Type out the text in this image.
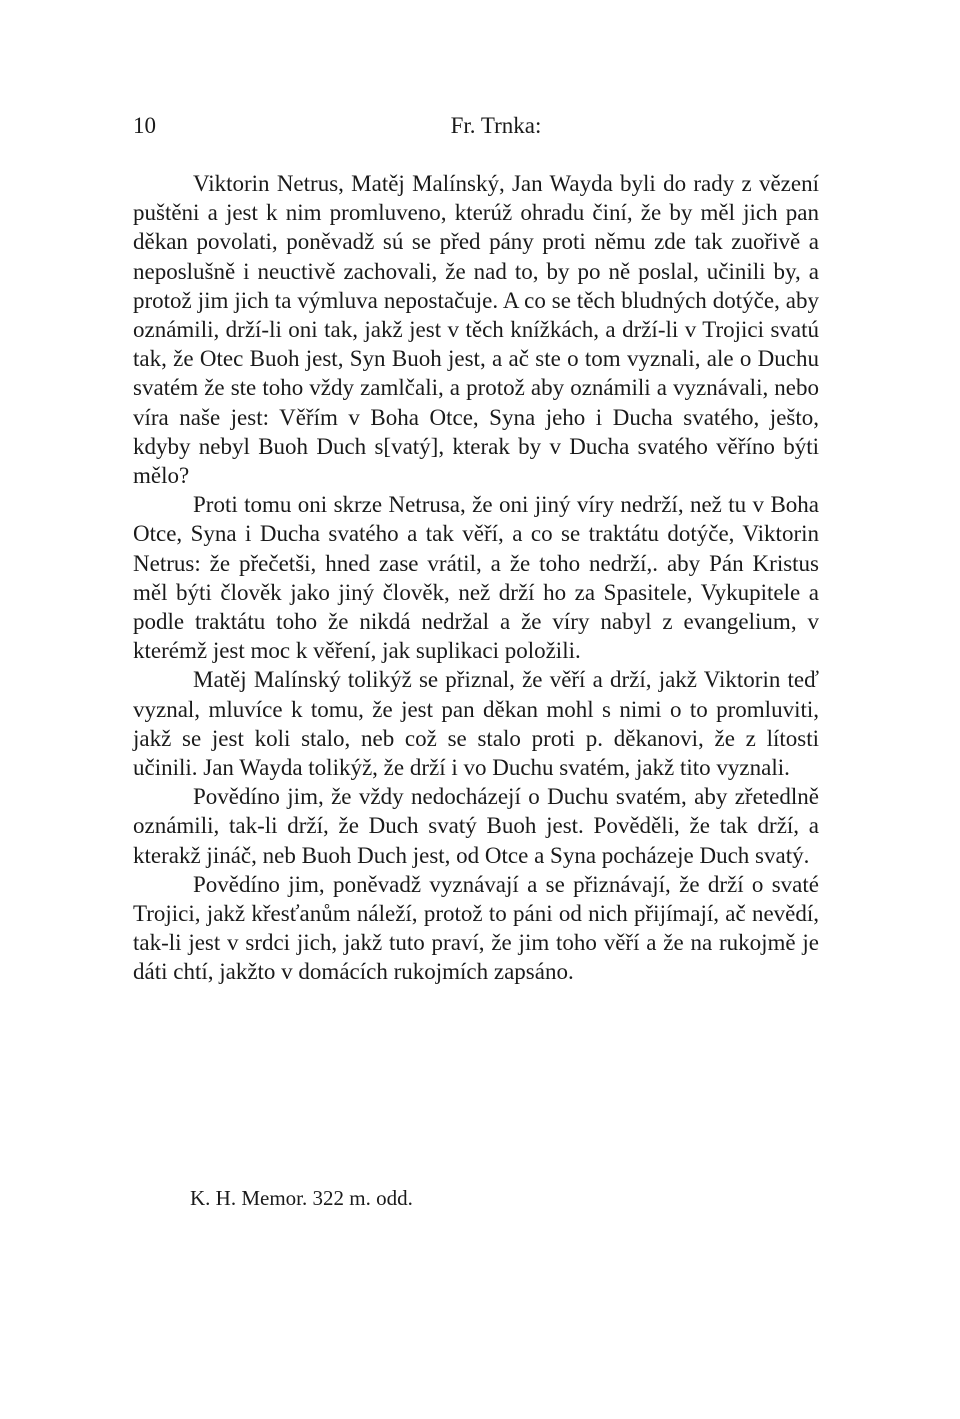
10	Fr. Trnka:

Viktorin Netrus, Matěj Malínský, Jan Wayda byli do rady z vězení puštěni a jest k nim promluveno, kterúž ohradu činí, že by měl jich pan děkan povolati, poněvadž sú se před pány proti němu zde tak zuořivě a neposlušně i neuctivě zachovali, že nad to, by po ně poslal, učinili by, a protož jim jich ta výmluva nepostačuje. A co se těch bludných dotýče, aby oznámili, drží-li oni tak, jakž jest v těch knížkách, a drží-li v Trojici svatú tak, že Otec Buoh jest, Syn Buoh jest, a ač ste o tom vyznali, ale o Duchu svatém že ste toho vždy zamlčali, a protož aby oznámili a vyznávali, nebo víra naše jest: Věřím v Boha Otce, Syna jeho i Ducha svatého, ješto, kdyby nebyl Buoh Duch s[vatý], kterak by v Ducha svatého věříno býti mělo?

Proti tomu oni skrze Netrusa, že oni jiný víry nedrží, než tu v Boha Otce, Syna i Ducha svatého a tak věří, a co se traktátu dotýče, Viktorin Netrus: že přečetši, hned zase vrátil, a že toho nedrží,. aby Pán Kristus měl býti člověk jako jiný člověk, než drží ho za Spasitele, Vykupitele a podle traktátu toho že nikdá nedržal a že víry nabyl z evangelium, v kterémž jest moc k věření, jak suplikaci položili.

Matěj Malínský tolikýž se přiznal, že věří a drží, jakž Viktorin teď vyznal, mluvíce k tomu, že jest pan děkan mohl s nimi o to promluviti, jakž se jest koli stalo, neb což se stalo proti p. děkanovi, že z lítosti učinili. Jan Wayda tolikýž, že drží i vo Duchu svatém, jakž tito vyznali.

Povědíno jim, že vždy nedocházejí o Duchu svatém, aby zřetedlně oznámili, tak-li drží, že Duch svatý Buoh jest. Pověděli, že tak drží, a kterakž jináč, neb Buoh Duch jest, od Otce a Syna pocházeje Duch svatý.

Povědíno jim, poněvadž vyznávají a se přiznávají, že drží o svaté Trojici, jakž křesťanům náleží, protož to páni od nich přijímají, ač nevědí, tak-li jest v srdci jich, jakž tuto praví, že jim toho věří a že na rukojmě je dáti chtí, jakžto v domácích rukojmích zapsáno.

K. H. Memor. 322 m. odd.
